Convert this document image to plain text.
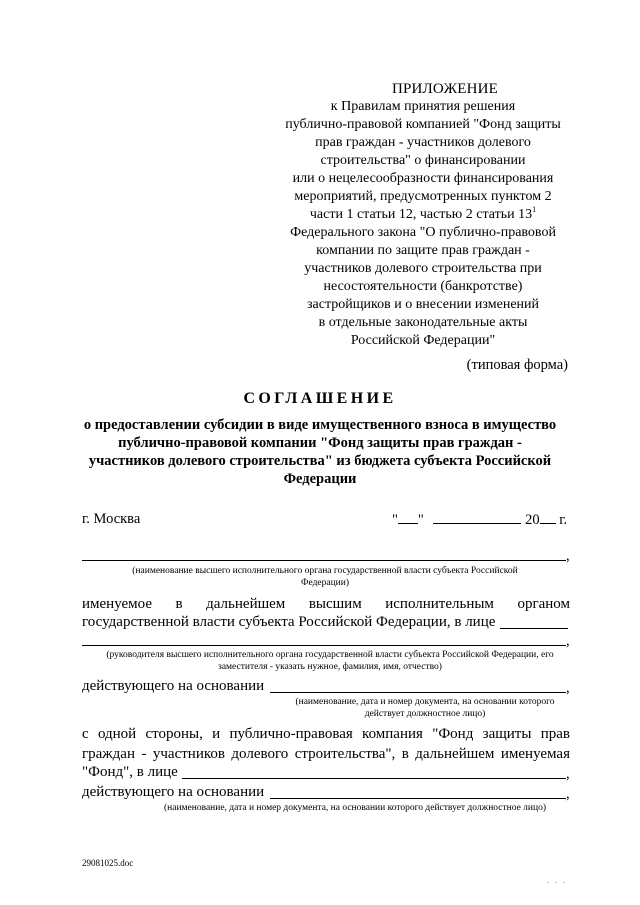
ПРИЛОЖЕНИЕ
к Правилам принятия решения
публично-правовой компанией "Фонд защиты
прав граждан - участников долевого
строительства" о финансировании
или о нецелесообразности финансирования
мероприятий, предусмотренных пунктом 2
части 1 статьи 12, частью 2 статьи $13^1$
Федерального закона "О публично-правовой
компании по защите прав граждан -
участников долевого строительства при
несостоятельности (банкротстве)
застройщиков и о внесении изменений
в отдельные законодательные акты
Российской Федерации"
(типовая форма)
СОГЛАШЕНИЕ
о предоставлении субсидии в виде имущественного взноса в имущество публично-правовой компании "Фонд защиты прав граждан - участников долевого строительства" из бюджета субъекта Российской Федерации
г. Москва	" "	20 г.
,
(наименование высшего исполнительного органа государственной власти субъекта Российской Федерации)
именуемое в дальнейшем высшим исполнительным органом
государственной власти субъекта Российской Федерации, в лице
,
(руководителя высшего исполнительного органа государственной власти субъекта Российской Федерации, его заместителя - указать нужное, фамилия, имя, отчество)
действующего на основании	,
(наименование, дата и номер документа, на основании которого действует должностное лицо)
с одной стороны, и публично-правовая компания "Фонд защиты прав
граждан - участников долевого строительства", в дальнейшем именуемая
"Фонд", в лице	,
действующего на основании	,
(наименование, дата и номер документа, на основании которого действует должностное лицо)
29081025.doc
. . .
